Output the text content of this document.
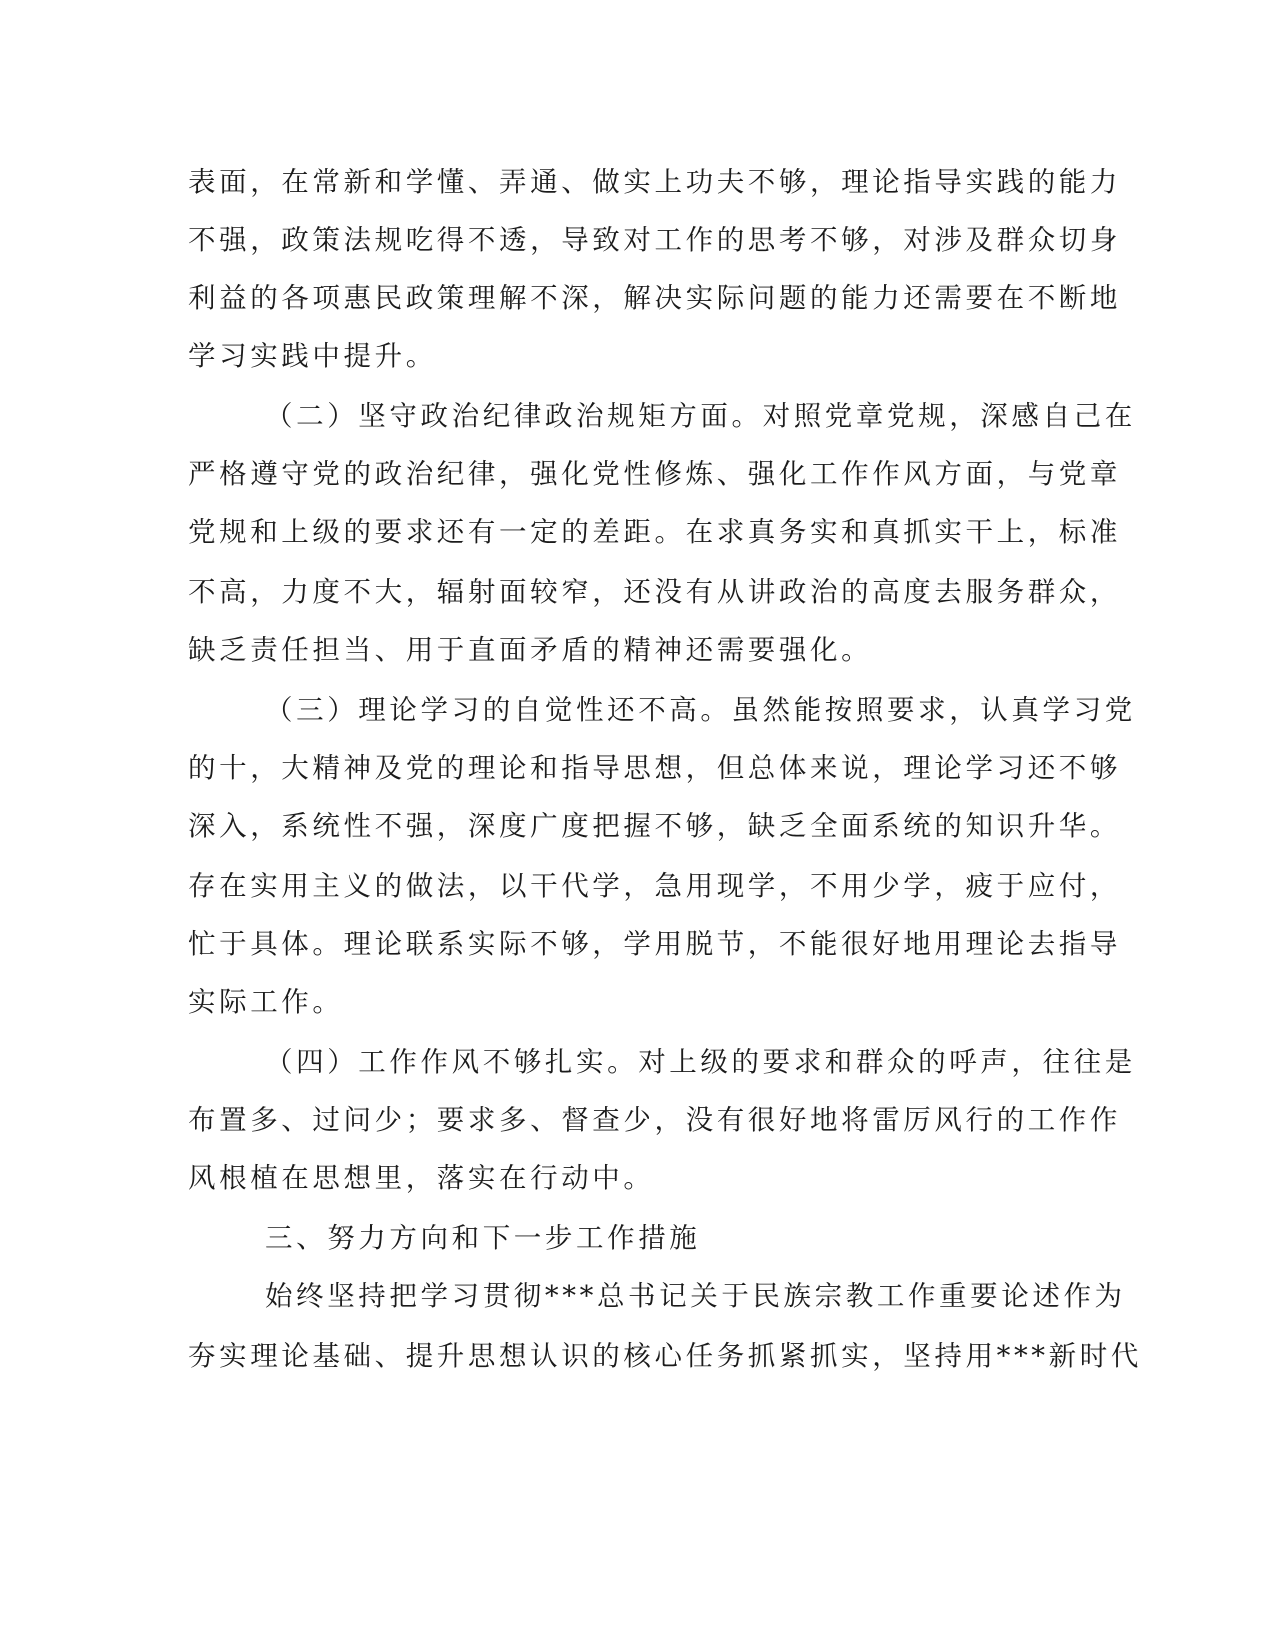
表面，在常新和学懂、弄通、做实上功夫不够，理论指导实践的能力
不强，政策法规吃得不透，导致对工作的思考不够，对涉及群众切身
利益的各项惠民政策理解不深，解决实际问题的能力还需要在不断地
学习实践中提升。
（二）坚守政治纪律政治规矩方面。对照党章党规，深感自己在
严格遵守党的政治纪律，强化党性修炼、强化工作作风方面，与党章
党规和上级的要求还有一定的差距。在求真务实和真抓实干上，标准
不高，力度不大，辐射面较窄，还没有从讲政治的高度去服务群众，
缺乏责任担当、用于直面矛盾的精神还需要强化。
（三）理论学习的自觉性还不高。虽然能按照要求，认真学习党
的十，大精神及党的理论和指导思想，但总体来说，理论学习还不够
深入，系统性不强，深度广度把握不够，缺乏全面系统的知识升华。
存在实用主义的做法，以干代学，急用现学，不用少学，疲于应付，
忙于具体。理论联系实际不够，学用脱节，不能很好地用理论去指导
实际工作。
（四）工作作风不够扎实。对上级的要求和群众的呼声，往往是
布置多、过问少；要求多、督查少，没有很好地将雷厉风行的工作作
风根植在思想里，落实在行动中。
三、努力方向和下一步工作措施
始终坚持把学习贯彻***总书记关于民族宗教工作重要论述作为
夯实理论基础、提升思想认识的核心任务抓紧抓实，坚持用***新时代
